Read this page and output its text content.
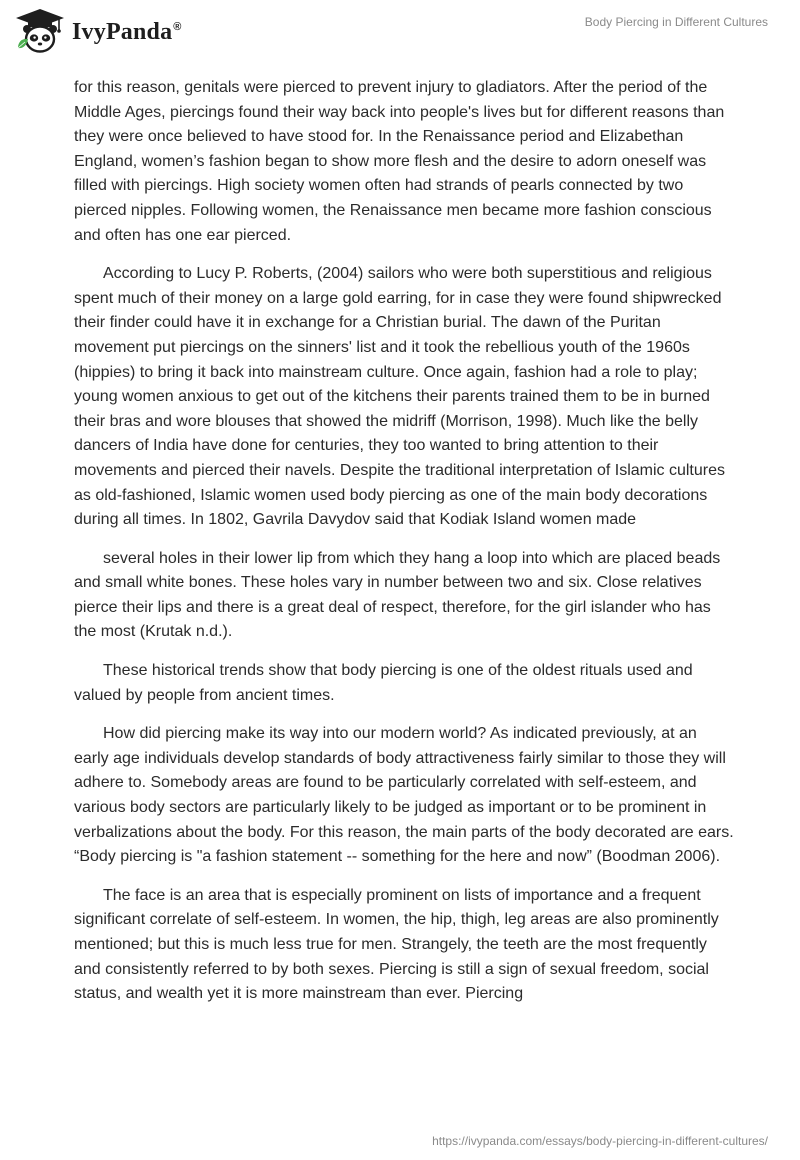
IvyPanda®	Body Piercing in Different Cultures

for this reason, genitals were pierced to prevent injury to gladiators. After the period of the Middle Ages, piercings found their way back into people's lives but for different reasons than they were once believed to have stood for. In the Renaissance period and Elizabethan England, women’s fashion began to show more flesh and the desire to adorn oneself was filled with piercings. High society women often had strands of pearls connected by two pierced nipples. Following women, the Renaissance men became more fashion conscious and often has one ear pierced.

According to Lucy P. Roberts, (2004) sailors who were both superstitious and religious spent much of their money on a large gold earring, for in case they were found shipwrecked their finder could have it in exchange for a Christian burial. The dawn of the Puritan movement put piercings on the sinners' list and it took the rebellious youth of the 1960s (hippies) to bring it back into mainstream culture. Once again, fashion had a role to play; young women anxious to get out of the kitchens their parents trained them to be in burned their bras and wore blouses that showed the midriff (Morrison, 1998). Much like the belly dancers of India have done for centuries, they too wanted to bring attention to their movements and pierced their navels. Despite the traditional interpretation of Islamic cultures as old-fashioned, Islamic women used body piercing as one of the main body decorations during all times. In 1802, Gavrila Davydov said that Kodiak Island women made

several holes in their lower lip from which they hang a loop into which are placed beads and small white bones. These holes vary in number between two and six. Close relatives pierce their lips and there is a great deal of respect, therefore, for the girl islander who has the most (Krutak n.d.).

These historical trends show that body piercing is one of the oldest rituals used and valued by people from ancient times.

How did piercing make its way into our modern world? As indicated previously, at an early age individuals develop standards of body attractiveness fairly similar to those they will adhere to. Somebody areas are found to be particularly correlated with self-esteem, and various body sectors are particularly likely to be judged as important or to be prominent in verbalizations about the body. For this reason, the main parts of the body decorated are ears. “Body piercing is "a fashion statement -- something for the here and now” (Boodman 2006).

The face is an area that is especially prominent on lists of importance and a frequent significant correlate of self-esteem. In women, the hip, thigh, leg areas are also prominently mentioned; but this is much less true for men. Strangely, the teeth are the most frequently and consistently referred to by both sexes. Piercing is still a sign of sexual freedom, social status, and wealth yet it is more mainstream than ever. Piercing

https://ivypanda.com/essays/body-piercing-in-different-cultures/
